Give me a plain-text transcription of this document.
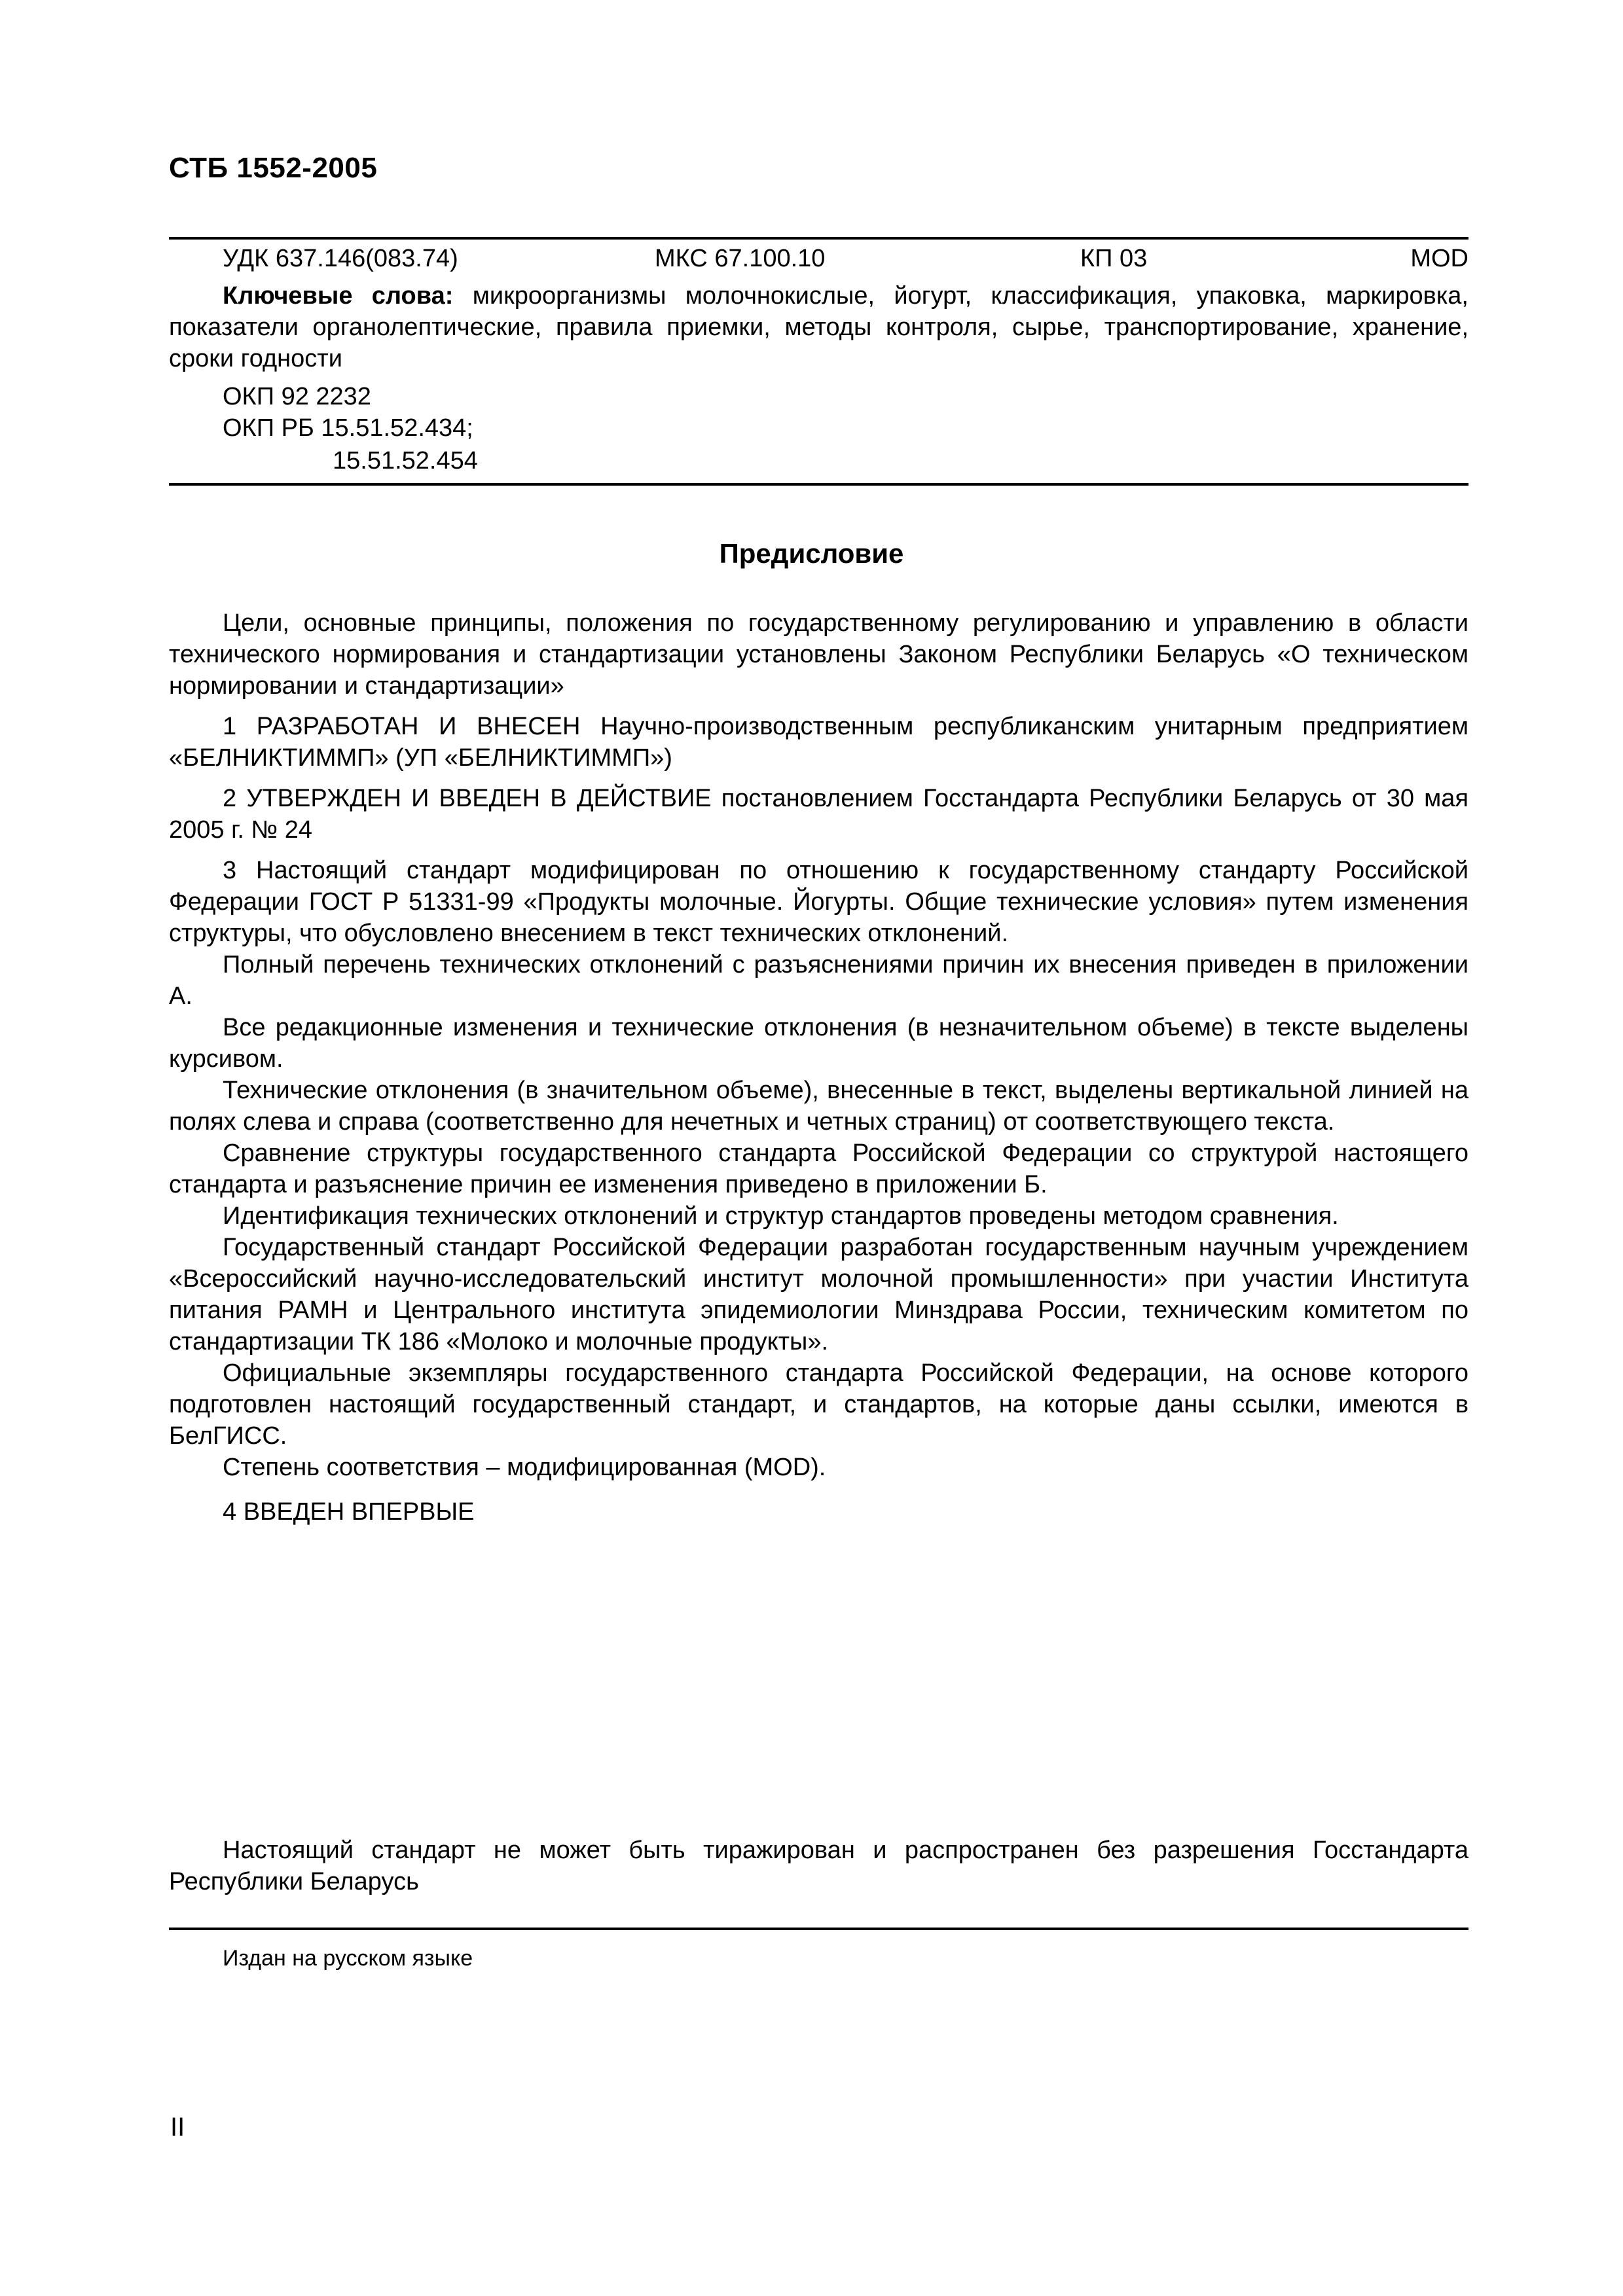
СТБ 1552-2005
УДК 637.146(083.74)	МКС 67.100.10	КП 03	MOD

Ключевые слова: микроорганизмы молочнокислые, йогурт, классификация, упаковка, маркировка, показатели органолептические, правила приемки, методы контроля, сырье, транспортирование, хранение, сроки годности

ОКП 92 2232
ОКП РБ 15.51.52.434;
15.51.52.454
Предисловие

Цели, основные принципы, положения по государственному регулированию и управлению в области технического нормирования и стандартизации установлены Законом Республики Беларусь «О техническом нормировании и стандартизации»

1 РАЗРАБОТАН И ВНЕСЕН Научно-производственным республиканским унитарным предприятием «БЕЛНИКТИММП» (УП «БЕЛНИКТИММП»)

2 УТВЕРЖДЕН И ВВЕДЕН В ДЕЙСТВИЕ постановлением Госстандарта Республики Беларусь от 30 мая 2005 г. № 24

3 Настоящий стандарт модифицирован по отношению к государственному стандарту Российской Федерации ГОСТ Р 51331-99 «Продукты молочные. Йогурты. Общие технические условия» путем изменения структуры, что обусловлено внесением в текст технических отклонений.

Полный перечень технических отклонений с разъяснениями причин их внесения приведен в приложении А.

Все редакционные изменения и технические отклонения (в незначительном объеме) в тексте выделены курсивом.

Технические отклонения (в значительном объеме), внесенные в текст, выделены вертикальной линией на полях слева и справа (соответственно для нечетных и четных страниц) от соответствующего текста.

Сравнение структуры государственного стандарта Российской Федерации со структурой настоящего стандарта и разъяснение причин ее изменения приведено в приложении Б.

Идентификация технических отклонений и структур стандартов проведены методом сравнения.

Государственный стандарт Российской Федерации разработан государственным научным учреждением «Всероссийский научно-исследовательский институт молочной промышленности» при участии Института питания РАМН и Центрального института эпидемиологии Минздрава России, техническим комитетом по стандартизации ТК 186 «Молоко и молочные продукты».

Официальные экземпляры государственного стандарта Российской Федерации, на основе которого подготовлен настоящий государственный стандарт, и стандартов, на которые даны ссылки, имеются в БелГИСС.

Степень соответствия – модифицированная (MOD).

4 ВВЕДЕН ВПЕРВЫЕ

Настоящий стандарт не может быть тиражирован и распространен без разрешения Госстандарта Республики Беларусь

Издан на русском языке
II
